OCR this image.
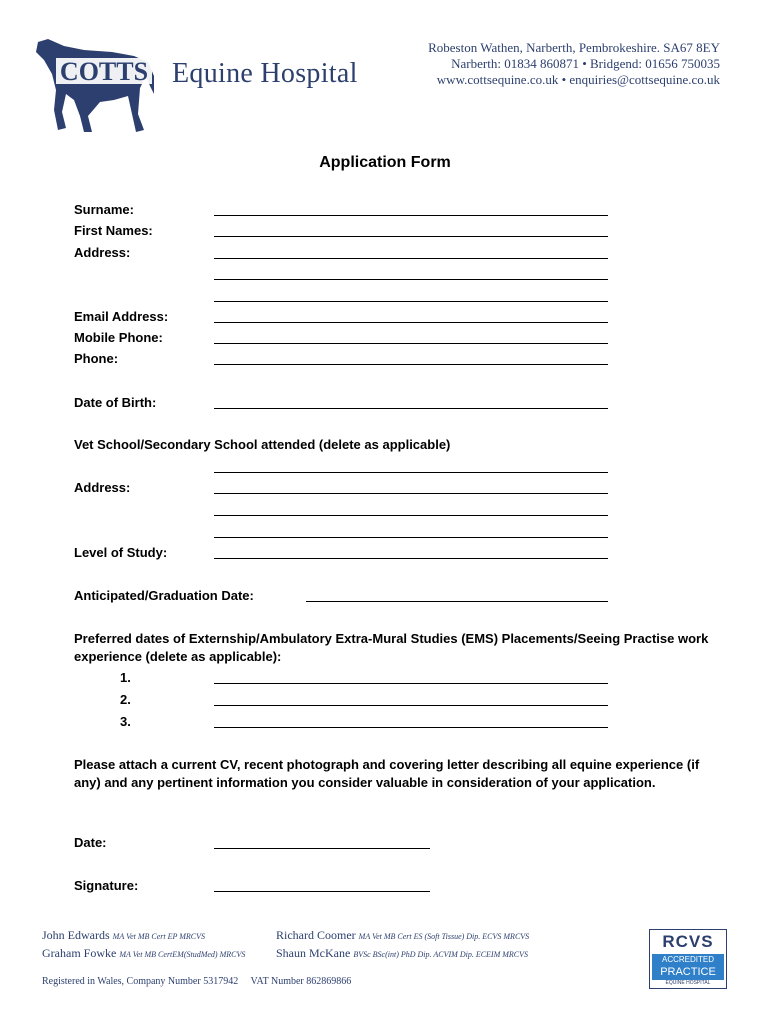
COTTS Equine Hospital
Robeston Wathen, Narberth, Pembrokeshire. SA67 8EY
Narberth: 01834 860871 • Bridgend: 01656 750035
www.cottsequine.co.uk • enquiries@cottsequine.co.uk
Application Form
Surname:
First Names:
Address:
Email Address:
Mobile Phone:
Phone:
Date of Birth:
Vet School/Secondary School attended (delete as applicable)
Address:
Level of Study:
Anticipated/Graduation Date:
Preferred dates of Externship/Ambulatory Extra-Mural Studies (EMS) Placements/Seeing Practise work experience (delete as applicable):
1.
2.
3.
Please attach a current CV, recent photograph and covering letter describing all equine experience (if any) and any pertinent information you consider valuable in consideration of your application.
Date:
Signature:
John Edwards MA Vet MB Cert EP MRCVS
Graham Fowke MA Vet MB CertEM(StudMed) MRCVS
Richard Coomer MA Vet MB Cert ES (Soft Tissue) Dip. ECVS MRCVS
Shaun McKane BVSc BSc(int) PhD Dip. ACVIM Dip. ECEIM MRCVS
Registered in Wales, Company Number 5317942     VAT Number 862869866
RCVS
ACCREDITED
PRACTICE
EQUINE HOSPITAL
